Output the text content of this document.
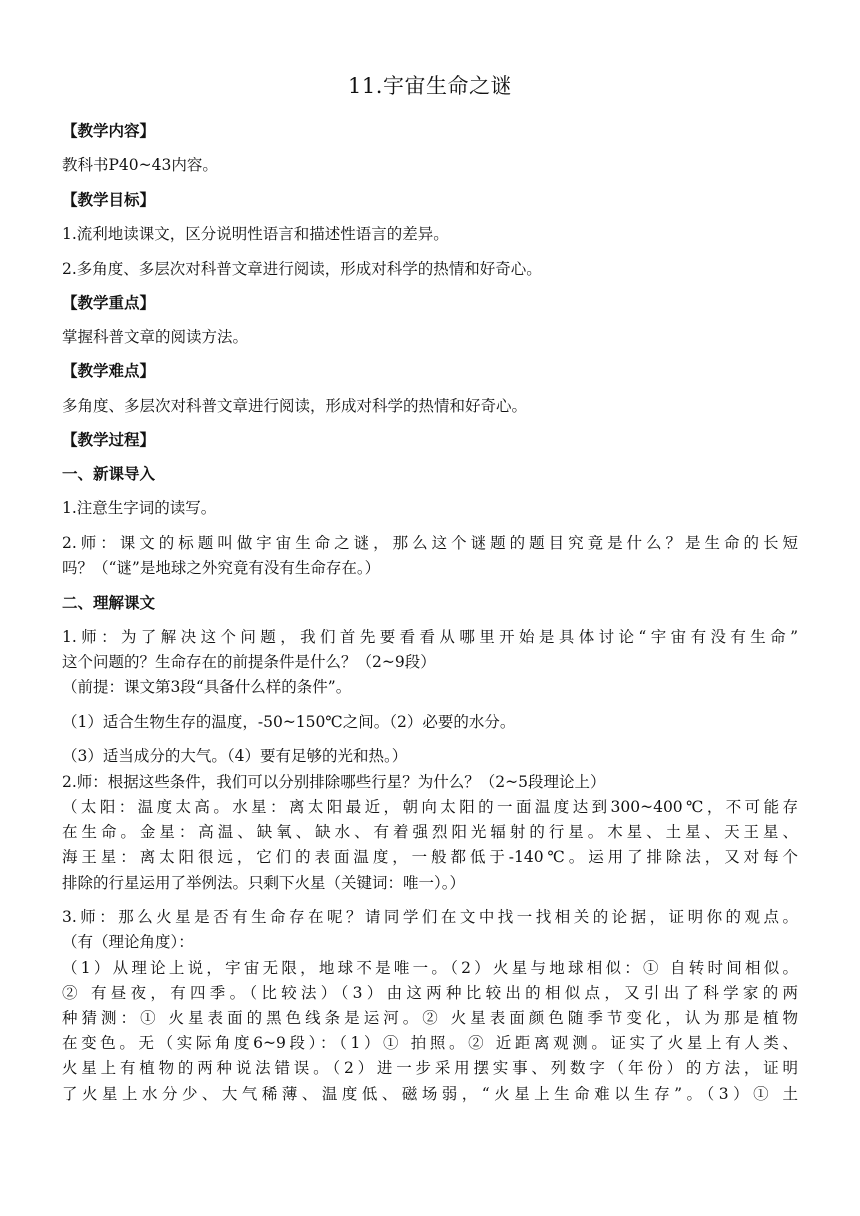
11.宇宙生命之谜
【教学内容】
教科书P40~43内容。
【教学目标】
1.流利地读课文，区分说明性语言和描述性语言的差异。
2.多角度、多层次对科普文章进行阅读，形成对科学的热情和好奇心。
【教学重点】
掌握科普文章的阅读方法。
【教学难点】
多角度、多层次对科普文章进行阅读，形成对科学的热情和好奇心。
【教学过程】
一、新课导入
1.注意生字词的读写。
2.师：课文的标题叫做宇宙生命之谜，那么这个谜题的题目究竟是什么？是生命的长短
吗？（“谜”是地球之外究竟有没有生命存在。）
二、理解课文
1.师：为了解决这个问题，我们首先要看看从哪里开始是具体讨论“宇宙有没有生命”
这个问题的？生命存在的前提条件是什么？（2~9段）
（前提：课文第3段“具备什么样的条件”。
（1）适合生物生存的温度，-50~150℃之间。（2）必要的水分。
（3）适当成分的大气。（4）要有足够的光和热。）
2.师：根据这些条件，我们可以分别排除哪些行星？为什么？（2~5段理论上）
（太阳：温度太高。水星：离太阳最近，朝向太阳的一面温度达到300~400℃，不可能存
在生命。金星：高温、缺氧、缺水、有着强烈阳光辐射的行星。木星、土星、天王星、
海王星：离太阳很远，它们的表面温度，一般都低于-140℃。运用了排除法，又对每个
排除的行星运用了举例法。只剩下火星（关键词：唯一）。）
3.师：那么火星是否有生命存在呢？请同学们在文中找一找相关的论据，证明你的观点。
（有（理论角度）：
（1）从理论上说，宇宙无限，地球不是唯一。（2）火星与地球相似：① 自转时间相似。
② 有昼夜，有四季。（比较法）（3）由这两种比较出的相似点，又引出了科学家的两
种猜测：① 火星表面的黑色线条是运河。② 火星表面颜色随季节变化，认为那是植物
在变色。无（实际角度6~9段）：（1）① 拍照。② 近距离观测。证实了火星上有人类、
火星上有植物的两种说法错误。（2）进一步采用摆实事、列数字（年份）的方法，证明
了火星上水分少、大气稀薄、温度低、磁场弱，“火星上生命难以生存”。（3）① 土
